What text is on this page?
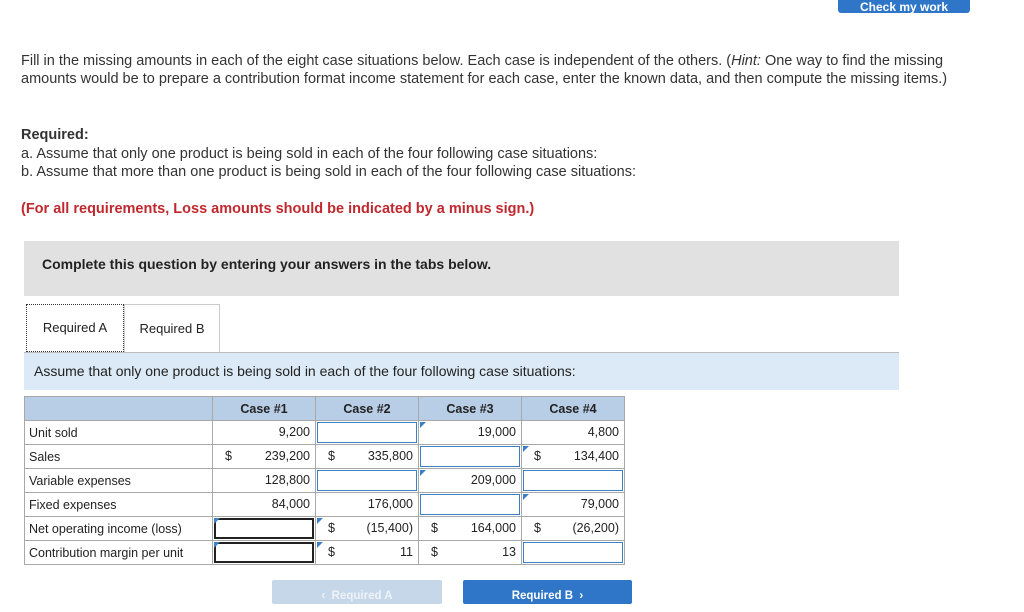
Check my work
Fill in the missing amounts in each of the eight case situations below. Each case is independent of the others. (Hint: One way to find the missing amounts would be to prepare a contribution format income statement for each case, enter the known data, and then compute the missing items.)
Required:
a. Assume that only one product is being sold in each of the four following case situations:
b. Assume that more than one product is being sold in each of the four following case situations:
(For all requirements, Loss amounts should be indicated by a minus sign.)
Complete this question by entering your answers in the tabs below.
Required A	Required B
Assume that only one product is being sold in each of the four following case situations:
	Case #1	Case #2	Case #3	Case #4
Unit sold	9,200		19,000	4,800

Sales	$ 239,200	$ 335,800		$ 134,400

Variable expenses	128,800		209,000	

Fixed expenses	84,000	176,000		79,000

Net operating income (loss)		$ (15,400)	$ 164,000	$ (26,200)

Contribution margin per unit		$ 11	$ 13	

‹  Required A	Required B  ›
